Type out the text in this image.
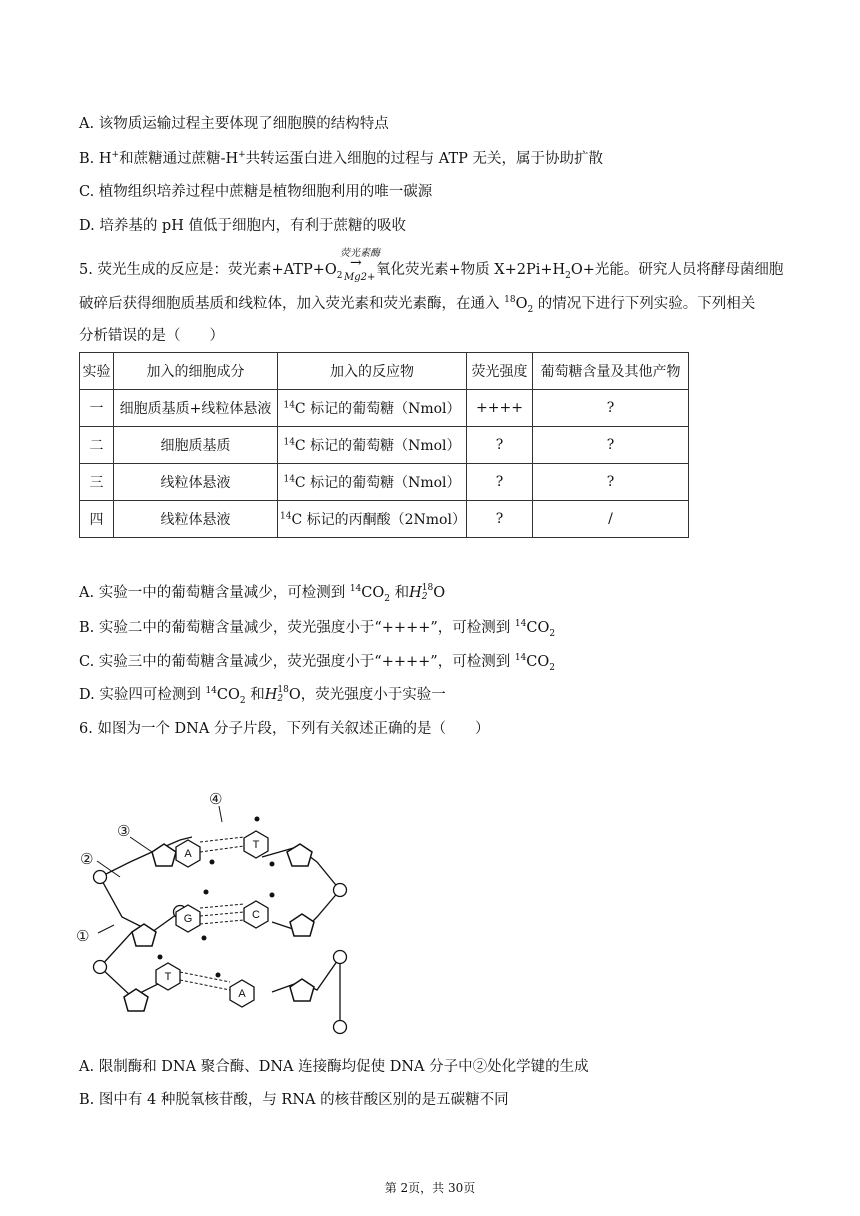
A. 该物质运输过程主要体现了细胞膜的结构特点
B. H+和蔗糖通过蔗糖-H+共转运蛋白进入细胞的过程与 ATP 无关，属于协助扩散
C. 植物组织培养过程中蔗糖是植物细胞利用的唯一碳源
D. 培养基的 pH 值低于细胞内，有利于蔗糖的吸收
5. 荧光生成的反应是：荧光素$+ATP+O_2$
荧光素酶
→
Mg2+ 氧化荧光素+物质 $X+2Pi+H_2O+$光能。研究人员将酵母菌细胞
破碎后获得细胞质基质和线粒体，加入荧光素和荧光素酶，在通入 $^{18}O_2$ 的情况下进行下列实验。下列相关
分析错误的是（　　）
实验	加入的细胞成分	加入的反应物	荧光强度	葡萄糖含量及其他产物
一	细胞质基质+线粒体悬液	$^{14}$C 标记的葡萄糖（Nmol）	++++	?
二	细胞质基质	$^{14}$C 标记的葡萄糖（Nmol）	?	?
三	线粒体悬液	$^{14}$C 标记的葡萄糖（Nmol）	?	?
四	线粒体悬液	$^{14}$C 标记的丙酮酸（2Nmol）	?	/
A. 实验一中的葡萄糖含量减少，可检测到 $^{14}CO_2$ 和H 18
2 O
B. 实验二中的葡萄糖含量减少，荧光强度小于“++++”，可检测到 $^{14}CO_2$
C. 实验三中的葡萄糖含量减少，荧光强度小于“++++”，可检测到 $^{14}CO_2$
D. 实验四可检测到 $^{14}CO_2$ 和H 18
2 O，荧光强度小于实验一
6. 如图为一个 DNA 分子片段，下列有关叙述正确的是（　　）
A
T
G	C
T
A
①
②
③
④
A. 限制酶和 DNA 聚合酶、DNA 连接酶均促使 DNA 分子中②处化学键的生成
B. 图中有 4 种脱氧核苷酸，与 RNA 的核苷酸区别的是五碳糖不同
第 2页，共 30页
